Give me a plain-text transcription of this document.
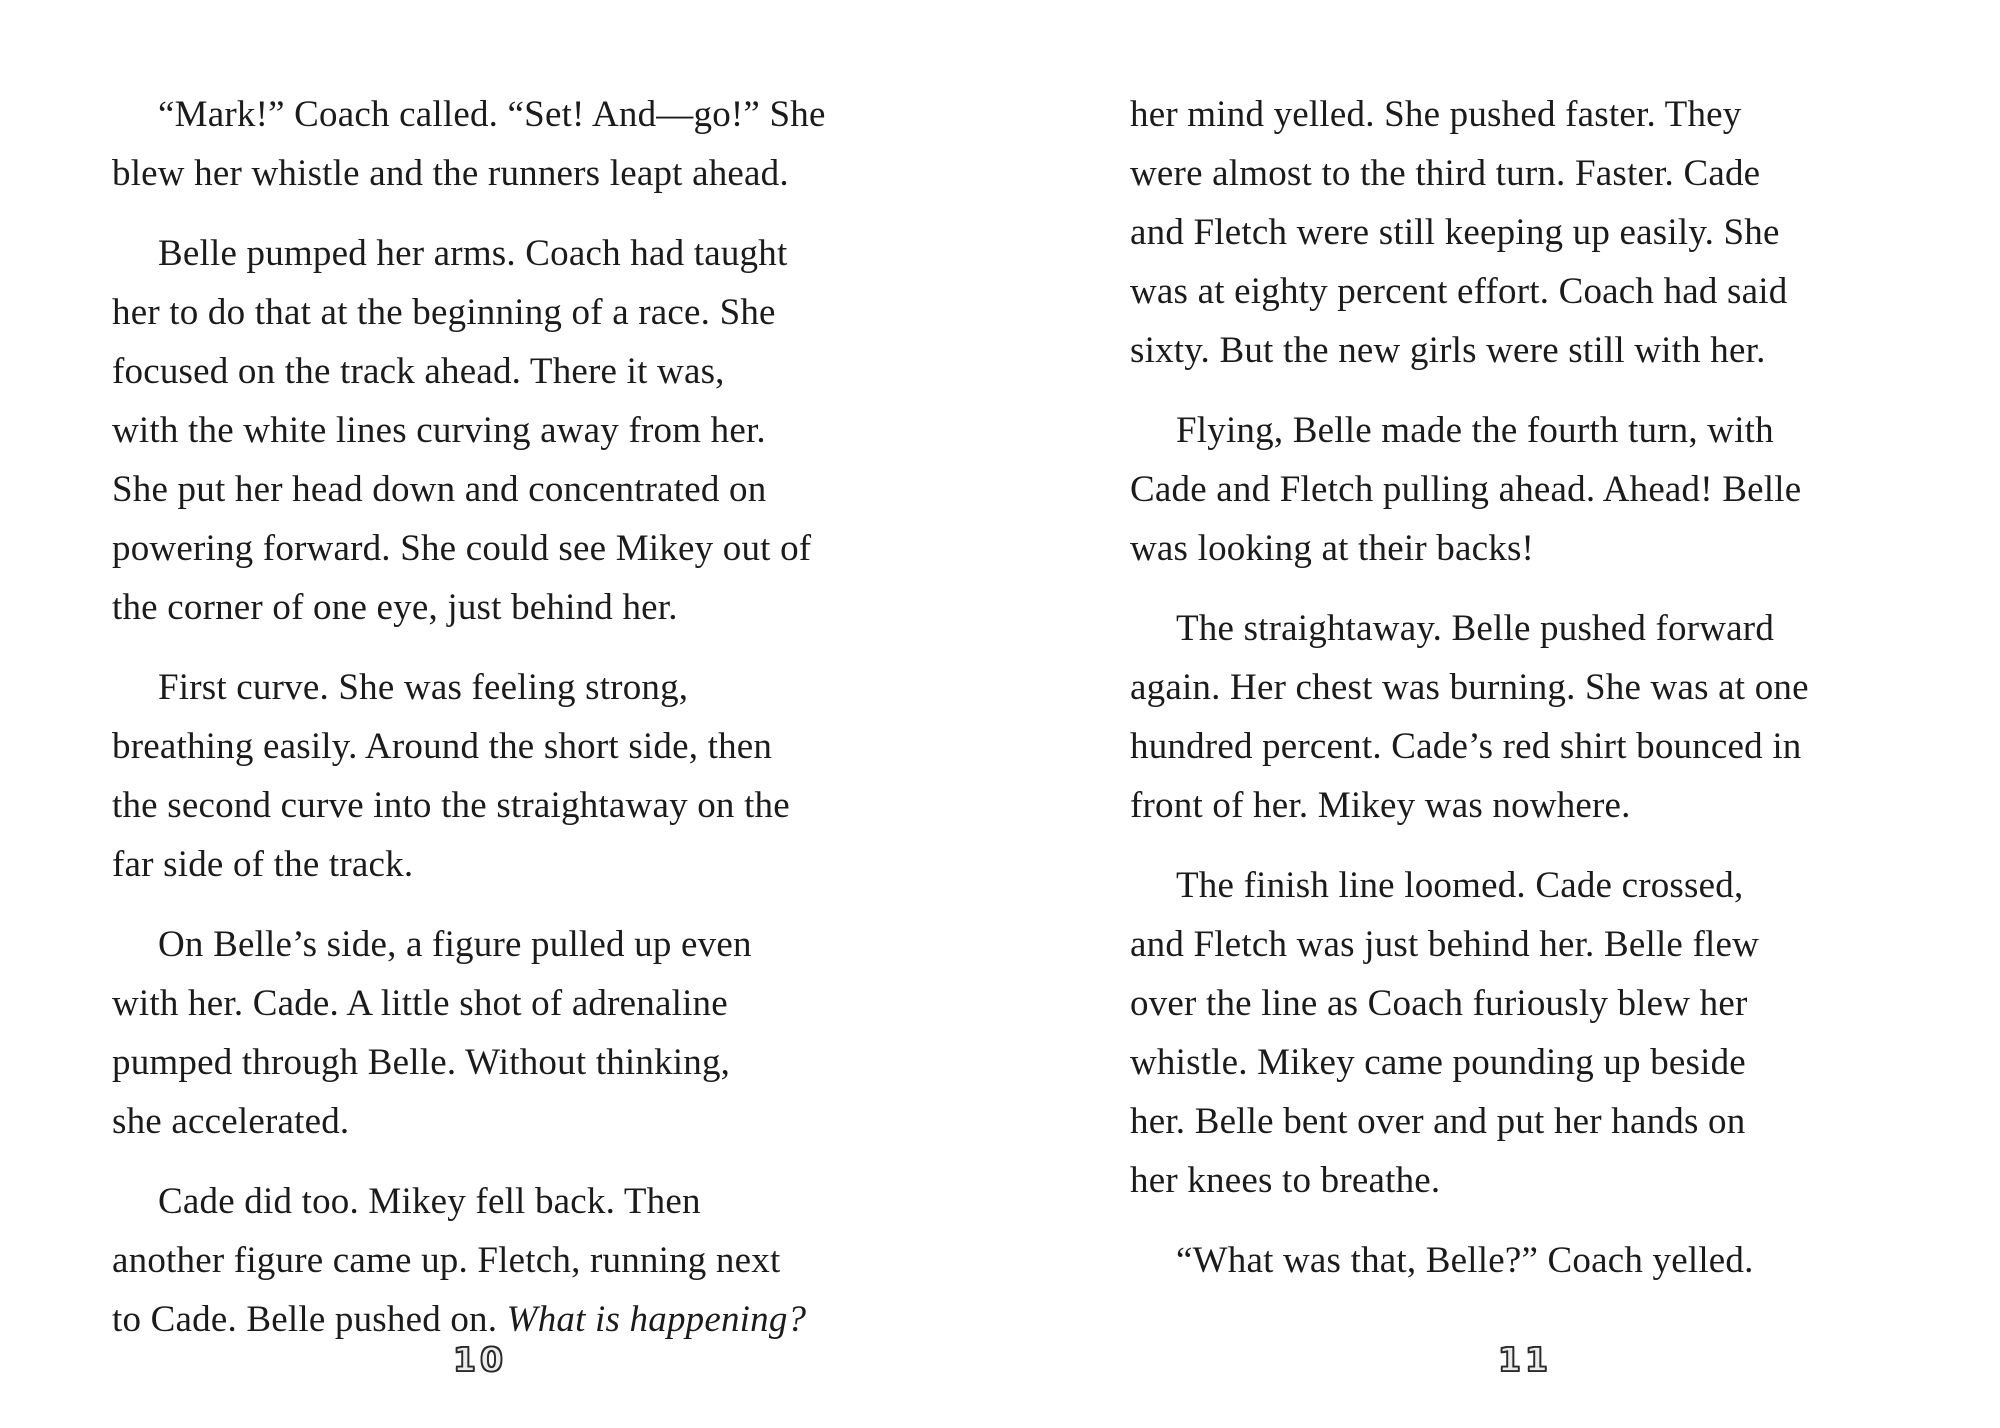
“Mark!” Coach called. “Set! And—go!” She
blew her whistle and the runners leapt ahead.
Belle pumped her arms. Coach had taught
her to do that at the beginning of a race. She
focused on the track ahead. There it was,
with the white lines curving away from her.
She put her head down and concentrated on
powering forward. She could see Mikey out of
the corner of one eye, just behind her.
First curve. She was feeling strong,
breathing easily. Around the short side, then
the second curve into the straightaway on the
far side of the track.
On Belle’s side, a figure pulled up even
with her. Cade. A little shot of adrenaline
pumped through Belle. Without thinking,
she accelerated.
Cade did too. Mikey fell back. Then
another figure came up. Fletch, running next
to Cade. Belle pushed on. What is happening?
her mind yelled. She pushed faster. They
were almost to the third turn. Faster. Cade
and Fletch were still keeping up easily. She
was at eighty percent effort. Coach had said
sixty. But the new girls were still with her.
Flying, Belle made the fourth turn, with
Cade and Fletch pulling ahead. Ahead! Belle
was looking at their backs!
The straightaway. Belle pushed forward
again. Her chest was burning. She was at one
hundred percent. Cade’s red shirt bounced in
front of her. Mikey was nowhere.
The finish line loomed. Cade crossed,
and Fletch was just behind her. Belle flew
over the line as Coach furiously blew her
whistle. Mikey came pounding up beside
her. Belle bent over and put her hands on
her knees to breathe.
“What was that, Belle?” Coach yelled.
10	11
